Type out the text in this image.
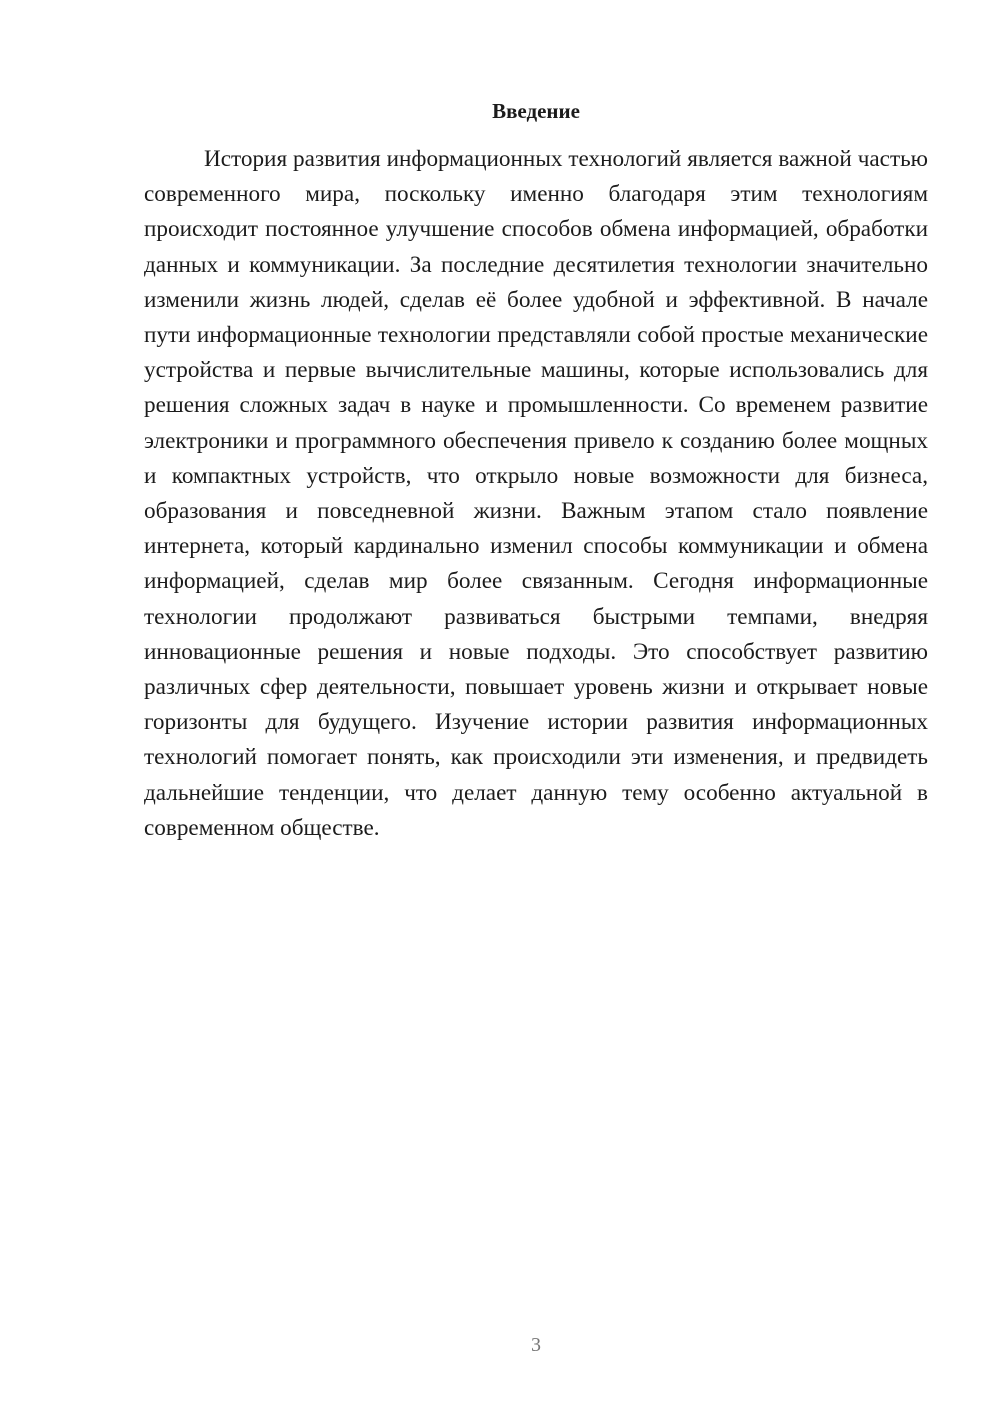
Введение

История развития информационных технологий является важной частью современного мира, поскольку именно благодаря этим технологиям происходит постоянное улучшение способов обмена информацией, обработки данных и коммуникации. За последние десятилетия технологии значительно изменили жизнь людей, сделав её более удобной и эффективной. В начале пути информационные технологии представляли собой простые механические устройства и первые вычислительные машины, которые использовались для решения сложных задач в науке и промышленности. Со временем развитие электроники и программного обеспечения привело к созданию более мощных и компактных устройств, что открыло новые возможности для бизнеса, образования и повседневной жизни. Важным этапом стало появление интернета, который кардинально изменил способы коммуникации и обмена информацией, сделав мир более связанным. Сегодня информационные технологии продолжают развиваться быстрыми темпами, внедряя инновационные решения и новые подходы. Это способствует развитию различных сфер деятельности, повышает уровень жизни и открывает новые горизонты для будущего. Изучение истории развития информационных технологий помогает понять, как происходили эти изменения, и предвидеть дальнейшие тенденции, что делает данную тему особенно актуальной в современном обществе.

3
